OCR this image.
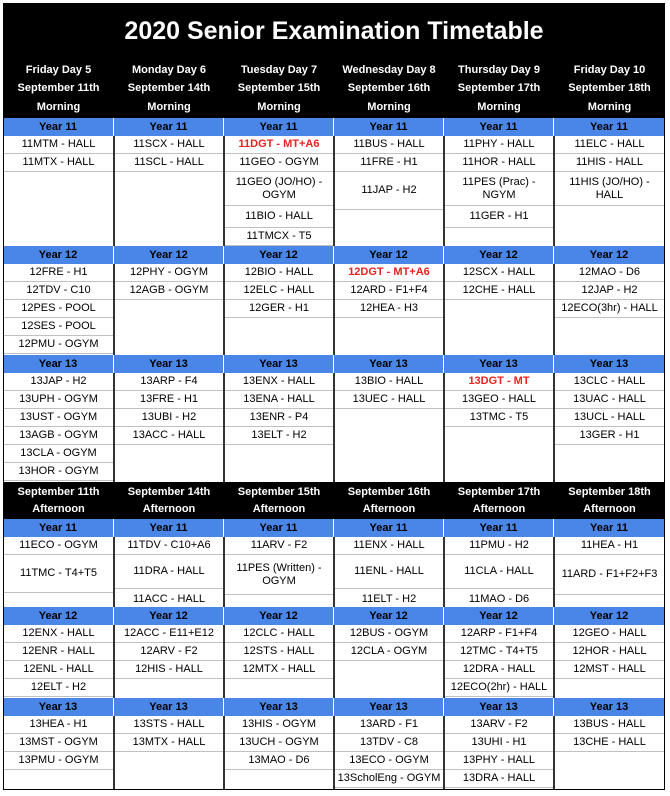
2020 Senior Examination Timetable
Friday Day 5
September 11th
Morning
Monday Day 6
September 14th
Morning
Tuesday Day 7
September 15th
Morning
Wednesday Day 8
September 16th
Morning
Thursday Day 9
September 17th
Morning
Friday Day 10
September 18th
Morning
September 11th
Afternoon
September 14th
Afternoon
September 15th
Afternoon
September 16th
Afternoon
September 17th
Afternoon
September 18th
Afternoon
Year 11
11MTM - HALL
11MTX - HALL
Year 11
11SCX - HALL
11SCL - HALL
Year 11
11DGT - MT+A6
11GEO - OGYM
11GEO (JO/HO) - OGYM
11BIO - HALL
11TMCX - T5
Year 11
11BUS - HALL
11FRE - H1
11JAP - H2
Year 11
11PHY - HALL
11HOR - HALL
11PES (Prac) - NGYM
11GER - H1
Year 11
11ELC - HALL
11HIS - HALL
11HIS (JO/HO) - HALL
Year 12
12FRE - H1
12TDV - C10
12PES - POOL
12SES - POOL
12PMU - OGYM
Year 12
12PHY - OGYM
12AGB - OGYM
Year 12
12BIO - HALL
12ELC - HALL
12GER - H1
Year 12
12DGT - MT+A6
12ARD - F1+F4
12HEA - H3
Year 12
12SCX - HALL
12CHE - HALL
Year 12
12MAO - D6
12JAP - H2
12ECO(3hr) - HALL
Year 13
13JAP - H2
13UPH - OGYM
13UST - OGYM
13AGB - OGYM
13CLA - OGYM
13HOR - OGYM
Year 13
13ARP - F4
13FRE - H1
13UBI - H2
13ACC - HALL
Year 13
13ENX - HALL
13ENA - HALL
13ENR - P4
13ELT - H2
Year 13
13BIO - HALL
13UEC - HALL
Year 13
13DGT - MT
13GEO - HALL
13TMC - T5
Year 13
13CLC - HALL
13UAC - HALL
13UCL - HALL
13GER - H1
Year 11
11ECO - OGYM
11TMC - T4+T5
Year 11
11TDV - C10+A6
11DRA - HALL
11ACC - HALL
Year 11
11ARV - F2
11PES (Written) - OGYM
Year 11
11ENX - HALL
11ENL - HALL
11ELT - H2
Year 11
11PMU - H2
11CLA - HALL
11MAO - D6
Year 11
11HEA - H1
11ARD - F1+F2+F3
Year 12
12ENX - HALL
12ENR - HALL
12ENL - HALL
12ELT - H2
Year 12
12ACC - E11+E12
12ARV - F2
12HIS - HALL
Year 12
12CLC - HALL
12STS - HALL
12MTX - HALL
Year 12
12BUS - OGYM
12CLA - OGYM
Year 12
12ARP - F1+F4
12TMC - T4+T5
12DRA - HALL
12ECO(2hr) - HALL
Year 12
12GEO - HALL
12HOR - HALL
12MST - HALL
Year 13
13HEA - H1
13MST - OGYM
13PMU - OGYM
Year 13
13STS - HALL
13MTX - HALL
Year 13
13HIS - OGYM
13UCH - OGYM
13MAO - D6
Year 13
13ARD - F1
13TDV - C8
13ECO - OGYM
13ScholEng - OGYM
Year 13
13ARV - F2
13UHI - H1
13PHY - HALL
13DRA - HALL
Year 13
13BUS - HALL
13CHE - HALL
